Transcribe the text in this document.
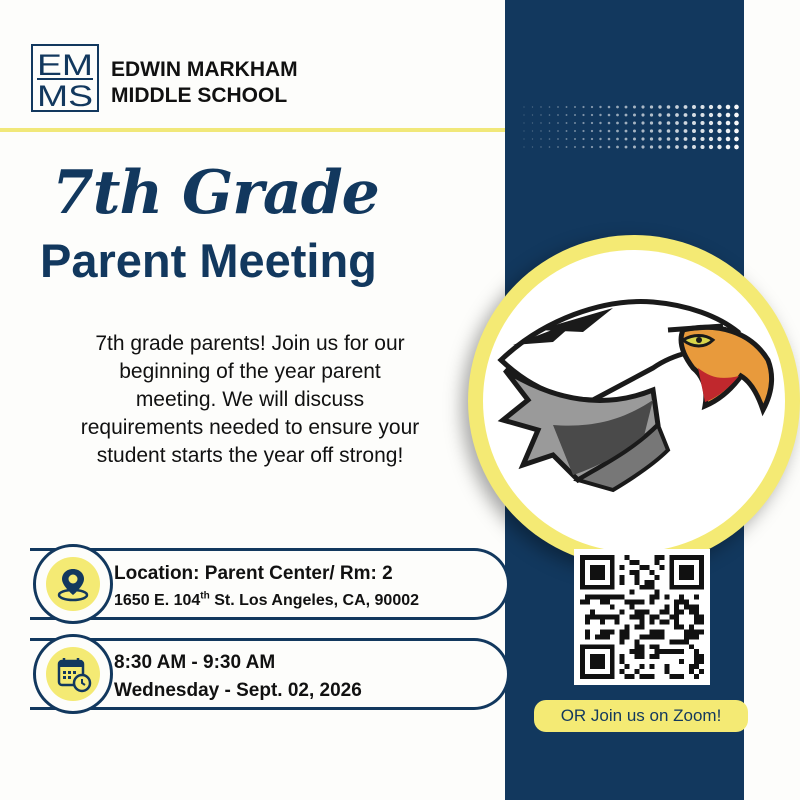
EM
MS
EDWIN MARKHAM
MIDDLE SCHOOL
7th Grade
Parent Meeting
7th grade parents! Join us for our
beginning of the year parent
meeting. We will discuss
requirements needed to ensure your
student starts the year off strong!
Location: Parent Center/ Rm: 2
1650 E. 104th St. Los Angeles, CA, 90002
8:30 AM - 9:30 AM
Wednesday - Sept. 02, 2026
OR Join us on Zoom!
